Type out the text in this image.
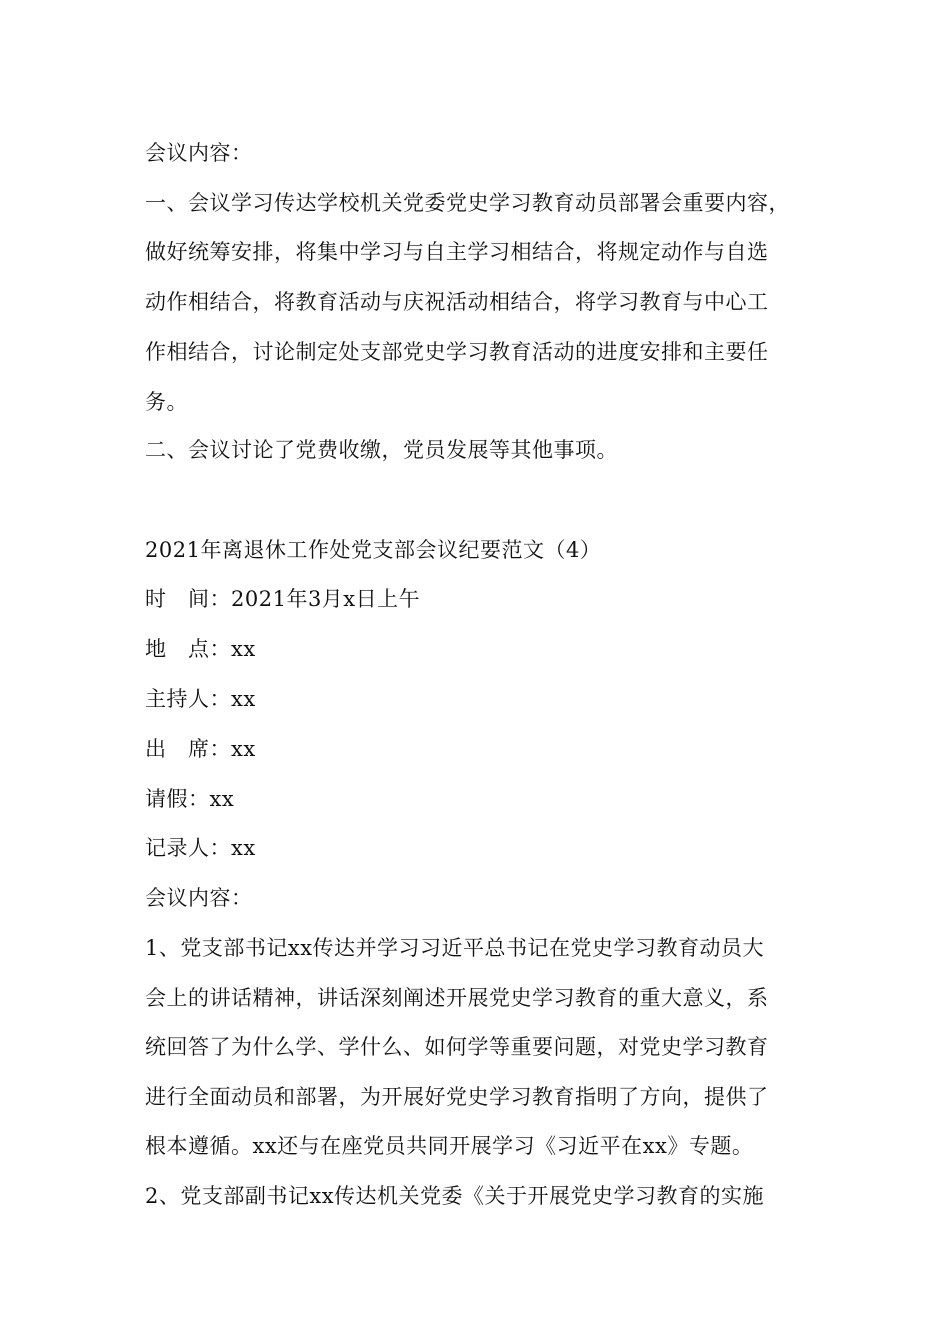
会议内容：
一、会议学习传达学校机关党委党史学习教育动员部署会重要内容，
做好统筹安排，将集中学习与自主学习相结合，将规定动作与自选
动作相结合，将教育活动与庆祝活动相结合，将学习教育与中心工
作相结合，讨论制定处支部党史学习教育活动的进度安排和主要任
务。
二、会议讨论了党费收缴，党员发展等其他事项。
2021年离退休工作处党支部会议纪要范文（4）
时　间：2021年3月x日上午
地　点：xx
主持人：xx
出　席：xx
请假：xx
记录人：xx
会议内容：
1、党支部书记xx传达并学习习近平总书记在党史学习教育动员大
会上的讲话精神，讲话深刻阐述开展党史学习教育的重大意义，系
统回答了为什么学、学什么、如何学等重要问题，对党史学习教育
进行全面动员和部署，为开展好党史学习教育指明了方向，提供了
根本遵循。xx还与在座党员共同开展学习《习近平在xx》专题。
2、党支部副书记xx传达机关党委《关于开展党史学习教育的实施
